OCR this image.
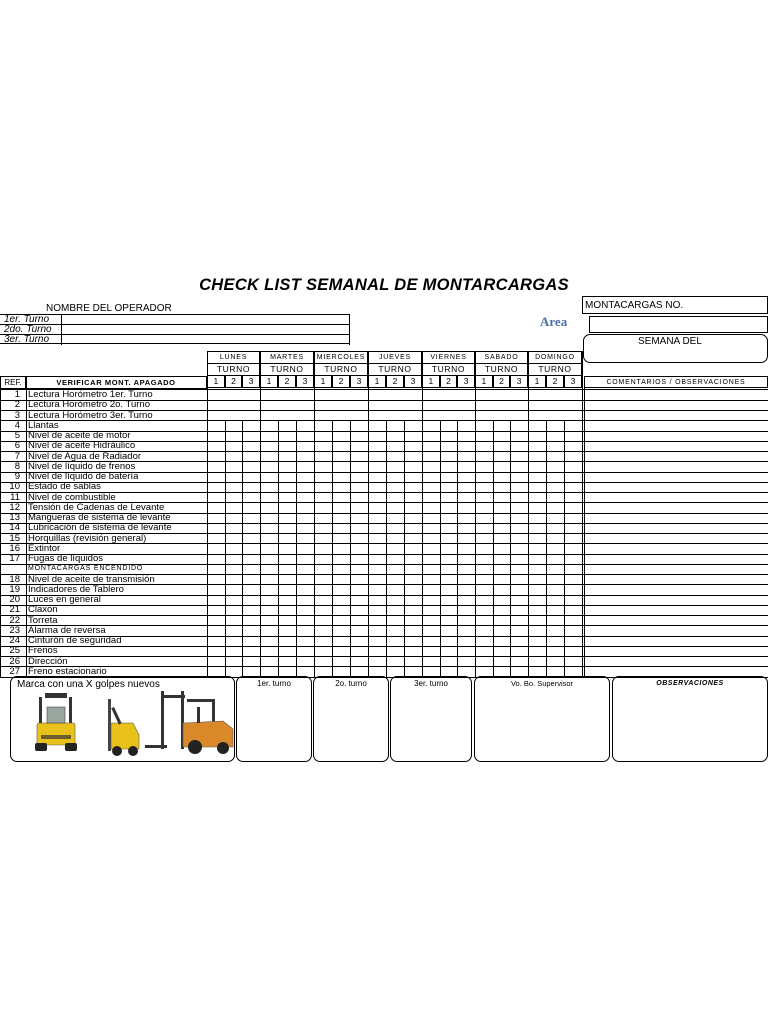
CHECK LIST SEMANAL DE MONTARCARGAS
NOMBRE DEL OPERADOR
1er. Turno
2do. Turno
3er. Turno
MONTACARGAS NO.
Area
SEMANA DEL
LUNES
TURNO
1	2	3
MARTES
TURNO
1	2	3
MIERCOLES
TURNO
1	2	3
JUEVES
TURNO
1	2	3
VIERNES
TURNO
1	2	3
SABADO
TURNO
1	2	3
DOMINGO
TURNO
1	2	3
REF.	VERIFICAR MONT. APAGADO	COMENTARIOS / OBSERVACIONES
1 Lectura Horómetro 1er. Turno
2 Lectura Horómetro 2o. Turno
3 Lectura Horómetro 3er. Turno
4 Llantas
5 Nivel de aceite de motor
6 Nivel de aceite Hidráulico
7 Nivel de Agua de Radiador
8 Nivel de líquido de frenos
9 Nivel de líquido de batería
10 Estado de sablas
11 Nivel de combustible
12 Tensión de Cadenas de Levante
13 Mangueras de sistema de levante
14 Lubricación de sistema de levante
15 Horquillas (revisión general)
16 Extintor
17 Fugas de líquidos
MONTACARGAS ENCENDIDO
18 Nivel de aceite de transmisión
19 Indicadores de Tablero
20 Luces en general
21 Claxon
22 Torreta
23 Alarma de reversa
24 Cinturón de seguridad
25 Frenos
26 Dirección
27 Freno estacionario
Marca con una X golpes nuevos	1er. turno	2o. turno	3er. turno	Vo. Bo. Supervisor	OBSERVACIONES
